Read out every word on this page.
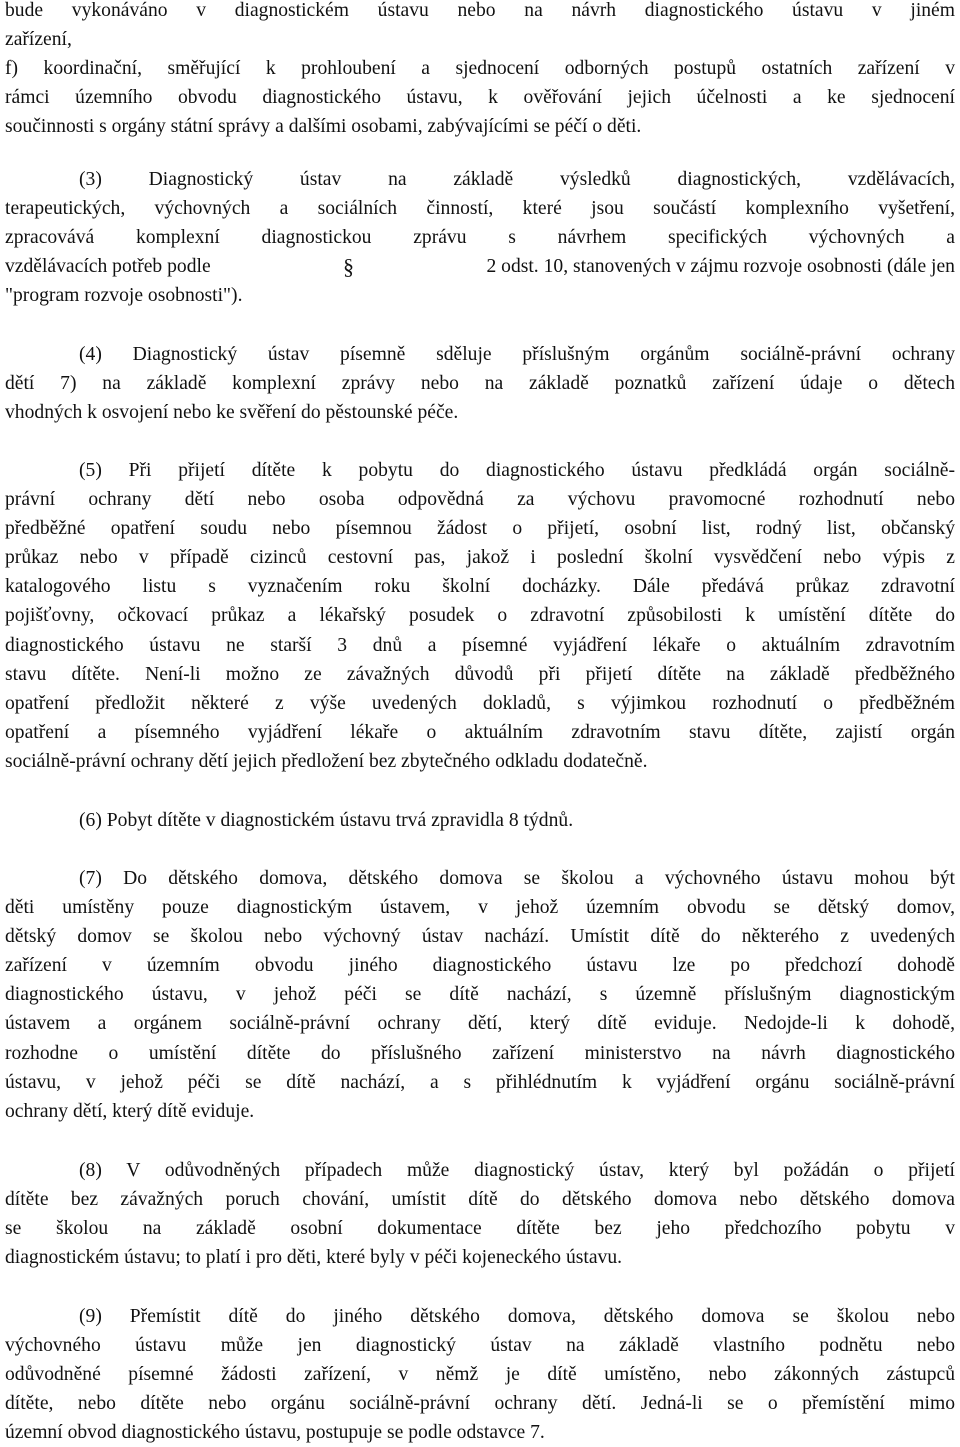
bude vykonáváno v diagnostickém ústavu nebo na návrh diagnostického ústavu v jiném
zařízení,
f) koordinační, směřující k prohloubení a sjednocení odborných postupů ostatních zařízení v
rámci územního obvodu diagnostického ústavu, k ověřování jejich účelnosti a ke sjednocení
součinnosti s orgány státní správy a dalšími osobami, zabývajícími se péčí o děti.
(3) Diagnostický ústav na základě výsledků diagnostických, vzdělávacích,
terapeutických, výchovných a sociálních činností, které jsou součástí komplexního vyšetření,
zpracovává komplexní diagnostickou zprávu s návrhem specifických výchovných a
vzdělávacích potřeb podle	§	2 odst. 10, stanovených v zájmu rozvoje osobnosti (dále jen
"program rozvoje osobnosti").
(4) Diagnostický ústav písemně sděluje příslušným orgánům sociálně-právní ochrany
dětí 7) na základě komplexní zprávy nebo na základě poznatků zařízení údaje o dětech
vhodných k osvojení nebo ke svěření do pěstounské péče.
(5) Při přijetí dítěte k pobytu do diagnostického ústavu předkládá orgán sociálně-
právní ochrany dětí nebo osoba odpovědná za výchovu pravomocné rozhodnutí nebo
předběžné opatření soudu nebo písemnou žádost o přijetí, osobní list, rodný list, občanský
průkaz nebo v případě cizinců cestovní pas, jakož i poslední školní vysvědčení nebo výpis z
katalogového listu s vyznačením roku školní docházky. Dále předává průkaz zdravotní
pojišťovny, očkovací průkaz a lékařský posudek o zdravotní způsobilosti k umístění dítěte do
diagnostického ústavu ne starší 3 dnů a písemné vyjádření lékaře o aktuálním zdravotním
stavu dítěte. Není-li možno ze závažných důvodů při přijetí dítěte na základě předběžného
opatření předložit některé z výše uvedených dokladů, s výjimkou rozhodnutí o předběžném
opatření a písemného vyjádření lékaře o aktuálním zdravotním stavu dítěte, zajistí orgán
sociálně-právní ochrany dětí jejich předložení bez zbytečného odkladu dodatečně.
(6) Pobyt dítěte v diagnostickém ústavu trvá zpravidla 8 týdnů.
(7) Do dětského domova, dětského domova se školou a výchovného ústavu mohou být
děti umístěny pouze diagnostickým ústavem, v jehož územním obvodu se dětský domov,
dětský domov se školou nebo výchovný ústav nachází. Umístit dítě do některého z uvedených
zařízení v územním obvodu jiného diagnostického ústavu lze po předchozí dohodě
diagnostického ústavu, v jehož péči se dítě nachází, s územně příslušným diagnostickým
ústavem a orgánem sociálně-právní ochrany dětí, který dítě eviduje. Nedojde-li k dohodě,
rozhodne o umístění dítěte do příslušného zařízení ministerstvo na návrh diagnostického
ústavu, v jehož péči se dítě nachází, a s přihlédnutím k vyjádření orgánu sociálně-právní
ochrany dětí, který dítě eviduje.
(8) V odůvodněných případech může diagnostický ústav, který byl požádán o přijetí
dítěte bez závažných poruch chování, umístit dítě do dětského domova nebo dětského domova
se školou na základě osobní dokumentace dítěte bez jeho předchozího pobytu v
diagnostickém ústavu; to platí i pro děti, které byly v péči kojeneckého ústavu.
(9) Přemístit dítě do jiného dětského domova, dětského domova se školou nebo
výchovného ústavu může jen diagnostický ústav na základě vlastního podnětu nebo
odůvodněné písemné žádosti zařízení, v němž je dítě umístěno, nebo zákonných zástupců
dítěte, nebo dítěte nebo orgánu sociálně-právní ochrany dětí. Jedná-li se o přemístění mimo
územní obvod diagnostického ústavu, postupuje se podle odstavce 7.
